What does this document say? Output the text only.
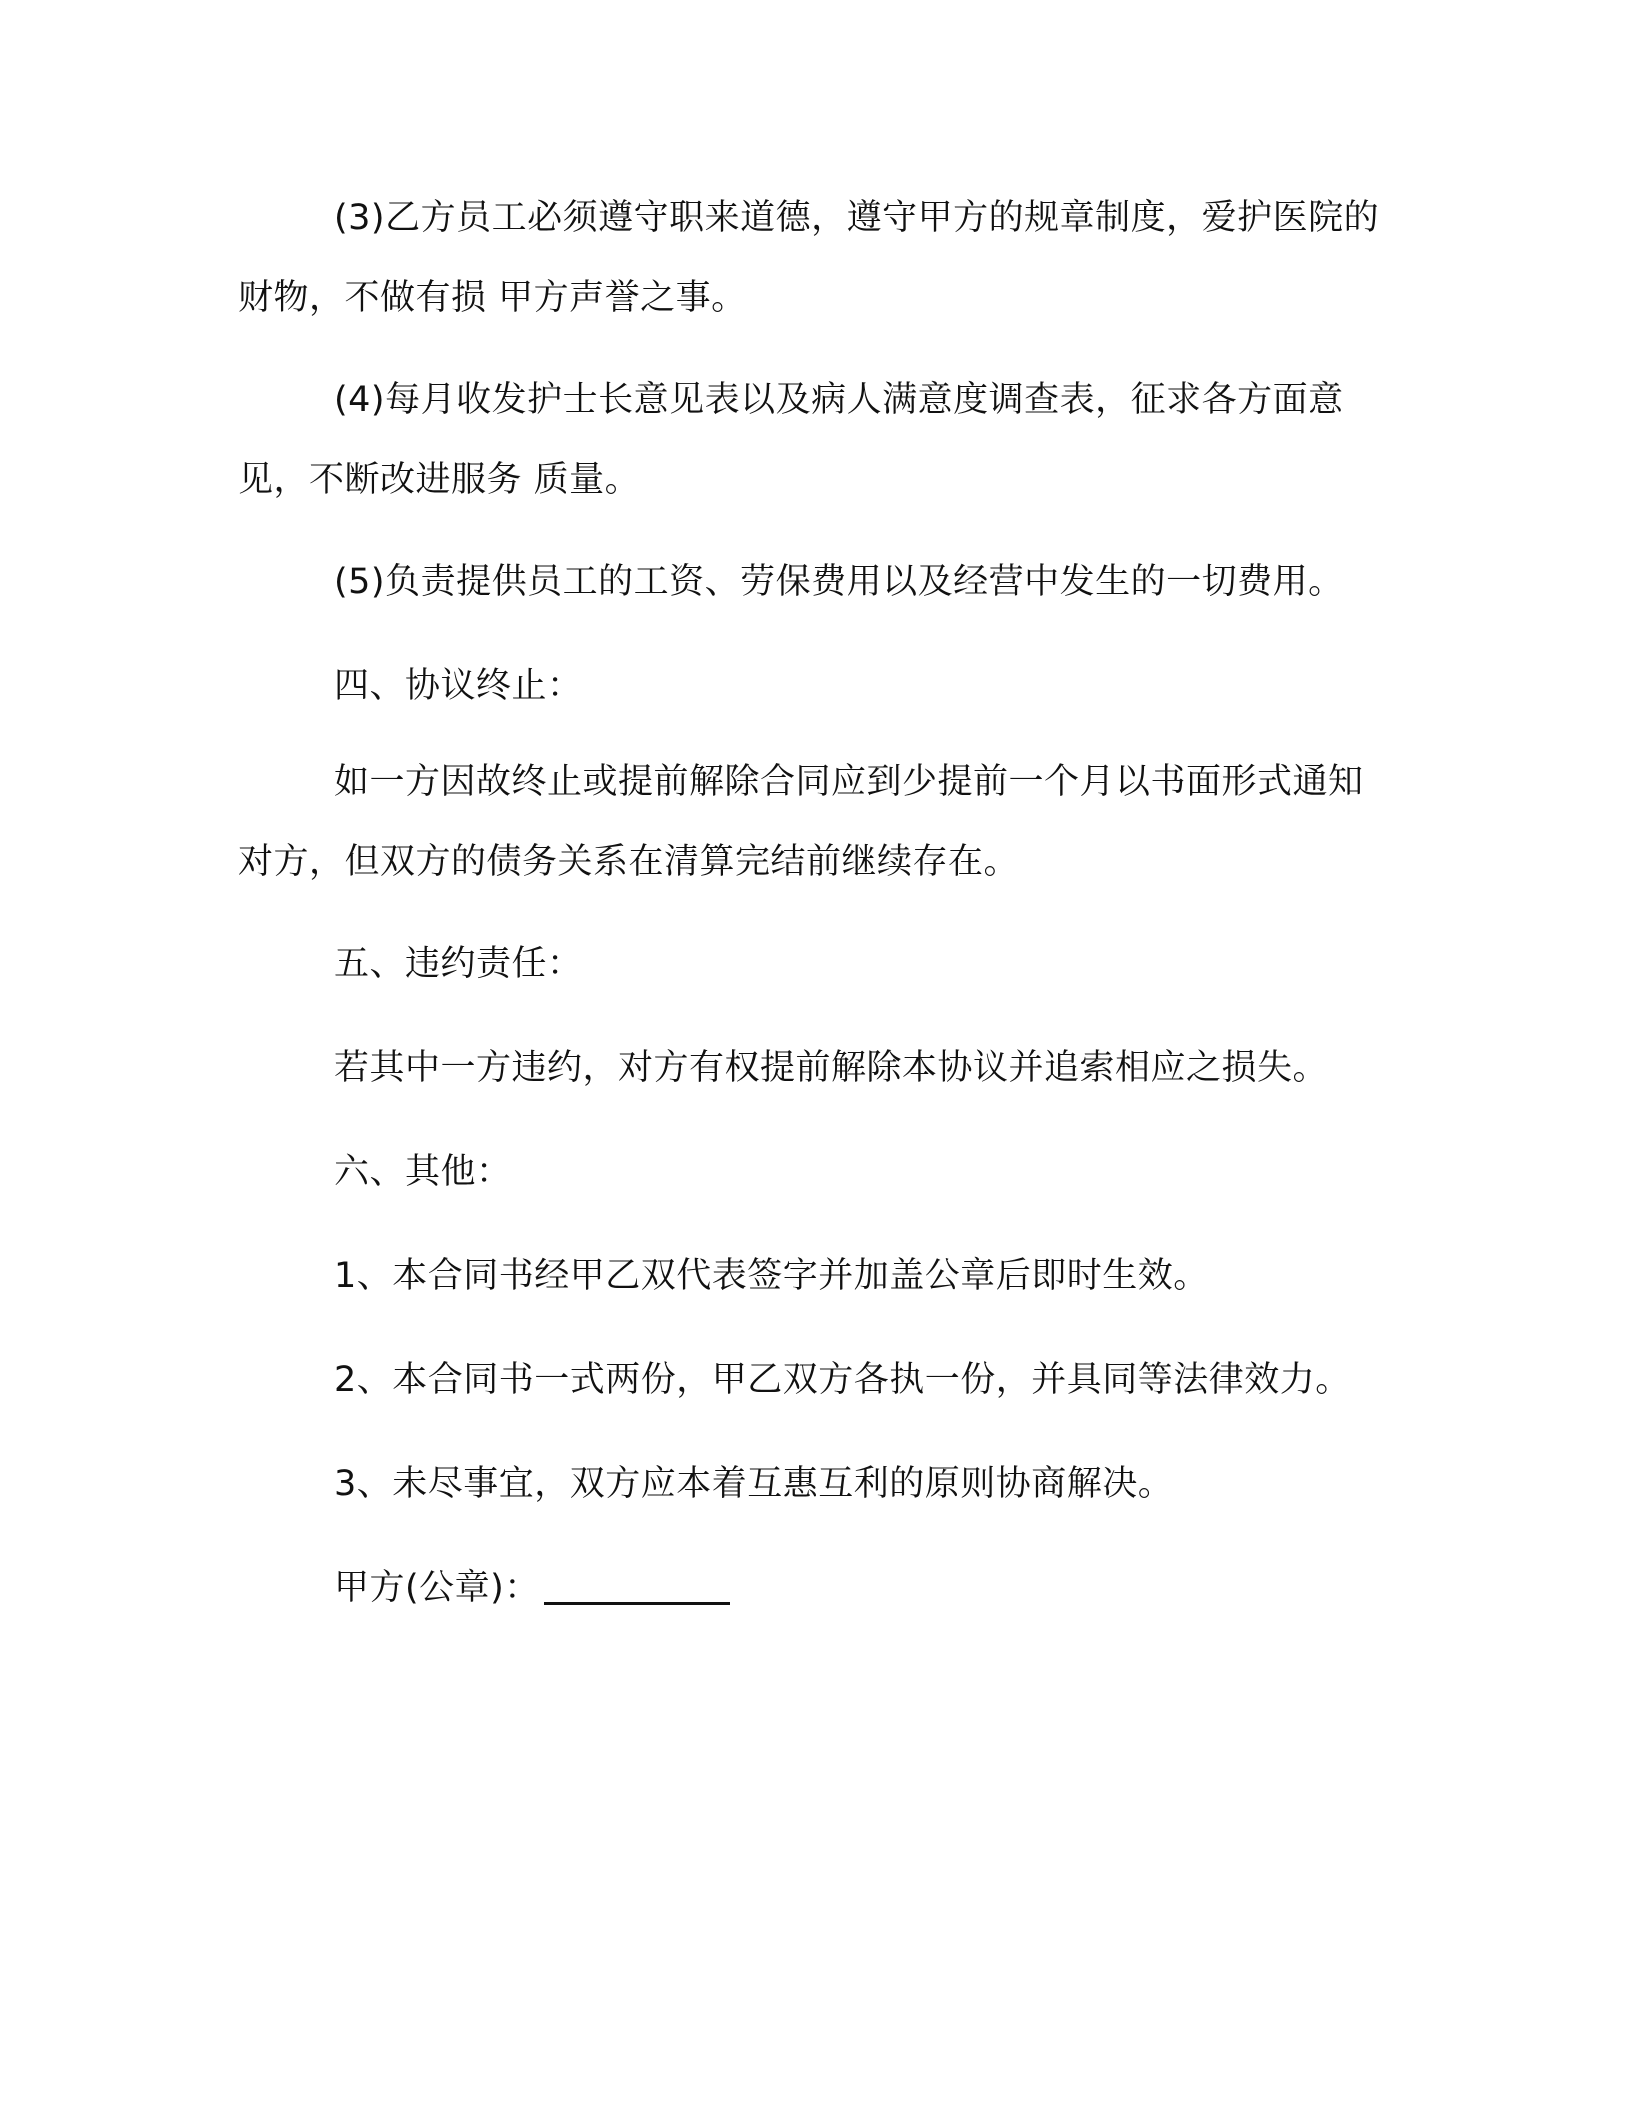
(3)乙方员工必须遵守职来道德，遵守甲方的规章制度，爱护医院的财物，不做有损 甲方声誉之事。
(4)每月收发护士长意见表以及病人满意度调查表，征求各方面意见，不断改进服务 质量。
(5)负责提供员工的工资、劳保费用以及经营中发生的一切费用。
四、协议终止：
如一方因故终止或提前解除合同应到少提前一个月以书面形式通知对方，但双方的债务关系在清算完结前继续存在。
五、违约责任：
若其中一方违约，对方有权提前解除本协议并追索相应之损失。
六、其他：
1、本合同书经甲乙双代表签字并加盖公章后即时生效。
2、本合同书一式两份，甲乙双方各执一份，并具同等法律效力。
3、未尽事宜，双方应本着互惠互利的原则协商解决。
甲方(公章)：
